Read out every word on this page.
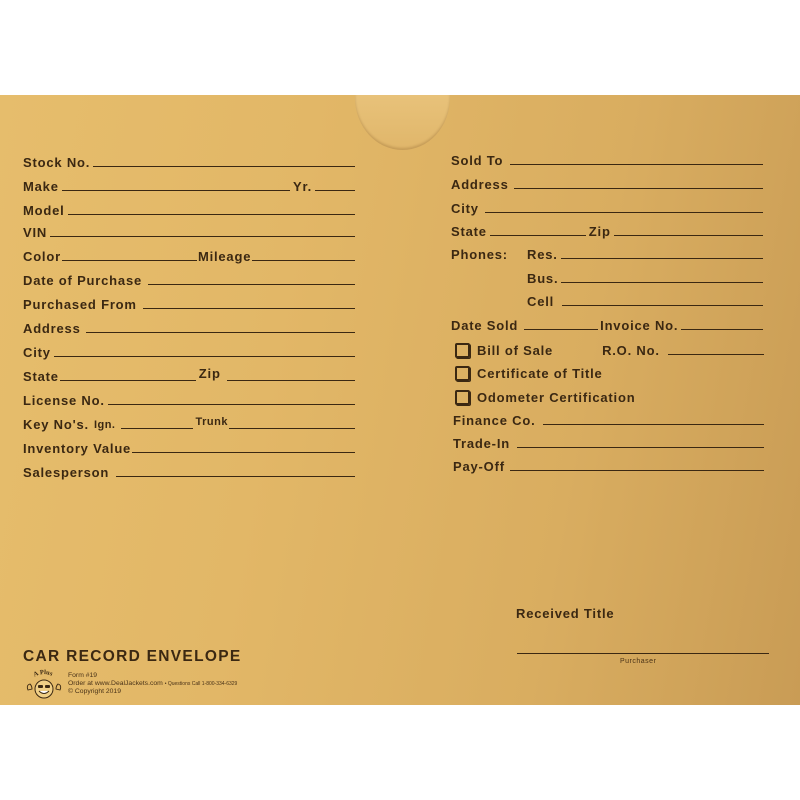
Stock No.
Make	Yr.
Model
VIN
Color	Mileage
Date of Purchase
Purchased From
Address
City
State	Zip
License No.
Key No's. Ign.	Trunk
Inventory Value
Salesperson
Sold To
Address
City
State	Zip
Phones:	Res.
Bus.
Cell
Date Sold	Invoice No.
Bill of Sale	R.O. No.
Certificate of Title
Odometer Certification
Finance Co.
Trade-In
Pay-Off
Received Title
Purchaser
CAR RECORD ENVELOPE
A Plus Form #19
Order at www.DealJackets.com • Questions Call 1-800-334-6329
© Copyright 2019
